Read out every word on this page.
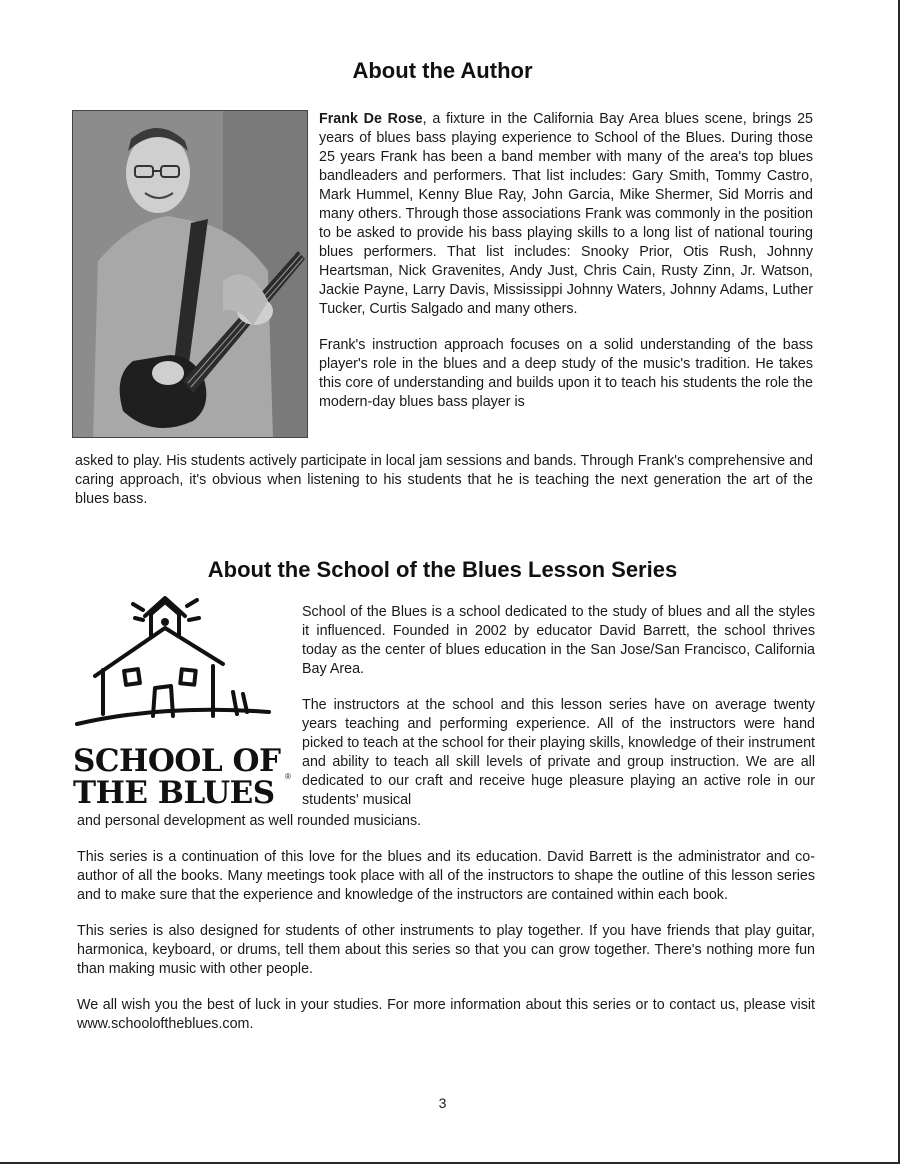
About the Author

Frank De Rose, a fixture in the California Bay Area blues scene, brings 25 years of blues bass playing experience to School of the Blues. During those 25 years Frank has been a band member with many of the area's top blues bandleaders and performers. That list includes: Gary Smith, Tommy Castro, Mark Hummel, Kenny Blue Ray, John Garcia, Mike Shermer, Sid Morris and many others. Through those associations Frank was commonly in the position to be asked to provide his bass playing skills to a long list of national touring blues performers. That list includes: Snooky Prior, Otis Rush, Johnny Heartsman, Nick Gravenites, Andy Just, Chris Cain, Rusty Zinn, Jr. Watson, Jackie Payne, Larry Davis, Mississippi Johnny Waters, Johnny Adams, Luther Tucker, Curtis Salgado and many others.

Frank's instruction approach focuses on a solid understanding of the bass player's role in the blues and a deep study of the music's tradition. He takes this core of understanding and builds upon it to teach his students the role the modern-day blues bass player is

asked to play. His students actively participate in local jam sessions and bands. Through Frank's comprehensive and caring approach, it's obvious when listening to his students that he is teaching the next generation the art of the blues bass.
About the School of the Blues Lesson Series
SCHOOL OF
THE BLUES	®

School of the Blues is a school dedicated to the study of blues and all the styles it influenced. Founded in 2002 by educator David Barrett, the school thrives today as the center of blues education in the San Jose/San Francisco, California Bay Area.

The instructors at the school and this lesson series have on average twenty years teaching and performing experience. All of the instructors were hand picked to teach at the school for their playing skills, knowledge of their instrument and ability to teach all skill levels of private and group instruction. We are all dedicated to our craft and receive huge pleasure playing an active role in our students' musical

and personal development as well rounded musicians.

This series is a continuation of this love for the blues and its education. David Barrett is the administrator and co-author of all the books. Many meetings took place with all of the instructors to shape the outline of this lesson series and to make sure that the experience and knowledge of the instructors are contained within each book.

This series is also designed for students of other instruments to play together. If you have friends that play guitar, harmonica, keyboard, or drums, tell them about this series so that you can grow together. There's nothing more fun than making music with other people.

We all wish you the best of luck in your studies. For more information about this series or to contact us, please visit www.schooloftheblues.com.

3
